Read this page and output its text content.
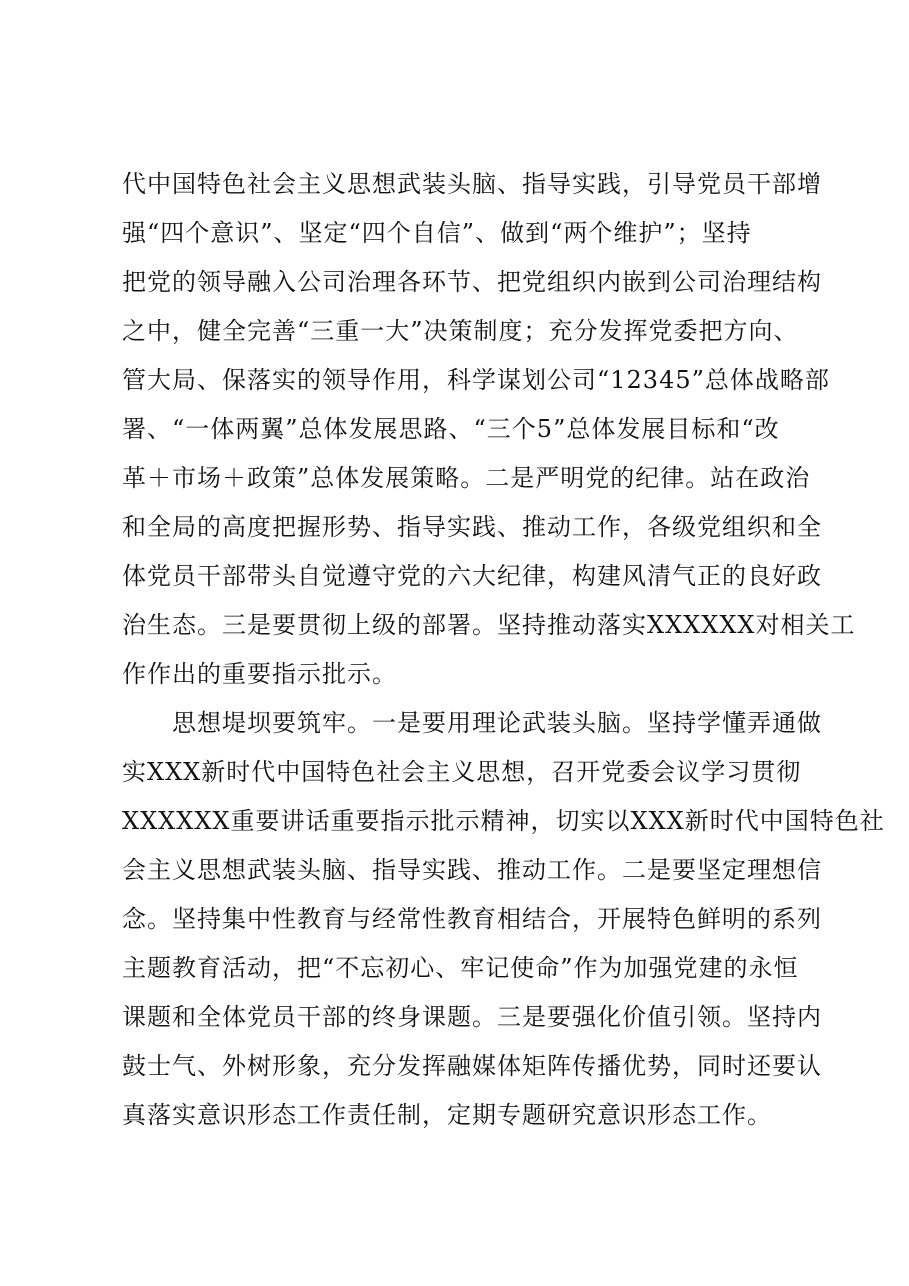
代中国特色社会主义思想武装头脑、指导实践，引导党员干部增
强“四个意识”、坚定“四个自信”、做到“两个维护”；坚持
把党的领导融入公司治理各环节、把党组织内嵌到公司治理结构
之中，健全完善“三重一大”决策制度；充分发挥党委把方向、
管大局、保落实的领导作用，科学谋划公司“12345”总体战略部
署、“一体两翼”总体发展思路、“三个5”总体发展目标和“改
革＋市场＋政策”总体发展策略。二是严明党的纪律。站在政治
和全局的高度把握形势、指导实践、推动工作，各级党组织和全
体党员干部带头自觉遵守党的六大纪律，构建风清气正的良好政
治生态。三是要贯彻上级的部署。坚持推动落实XXXXXX对相关工
作作出的重要指示批示。
　　思想堤坝要筑牢。一是要用理论武装头脑。坚持学懂弄通做
实XXX新时代中国特色社会主义思想，召开党委会议学习贯彻
XXXXXX重要讲话重要指示批示精神，切实以XXX新时代中国特色社
会主义思想武装头脑、指导实践、推动工作。二是要坚定理想信
念。坚持集中性教育与经常性教育相结合，开展特色鲜明的系列
主题教育活动，把“不忘初心、牢记使命”作为加强党建的永恒
课题和全体党员干部的终身课题。三是要强化价值引领。坚持内
鼓士气、外树形象，充分发挥融媒体矩阵传播优势，同时还要认
真落实意识形态工作责任制，定期专题研究意识形态工作。
